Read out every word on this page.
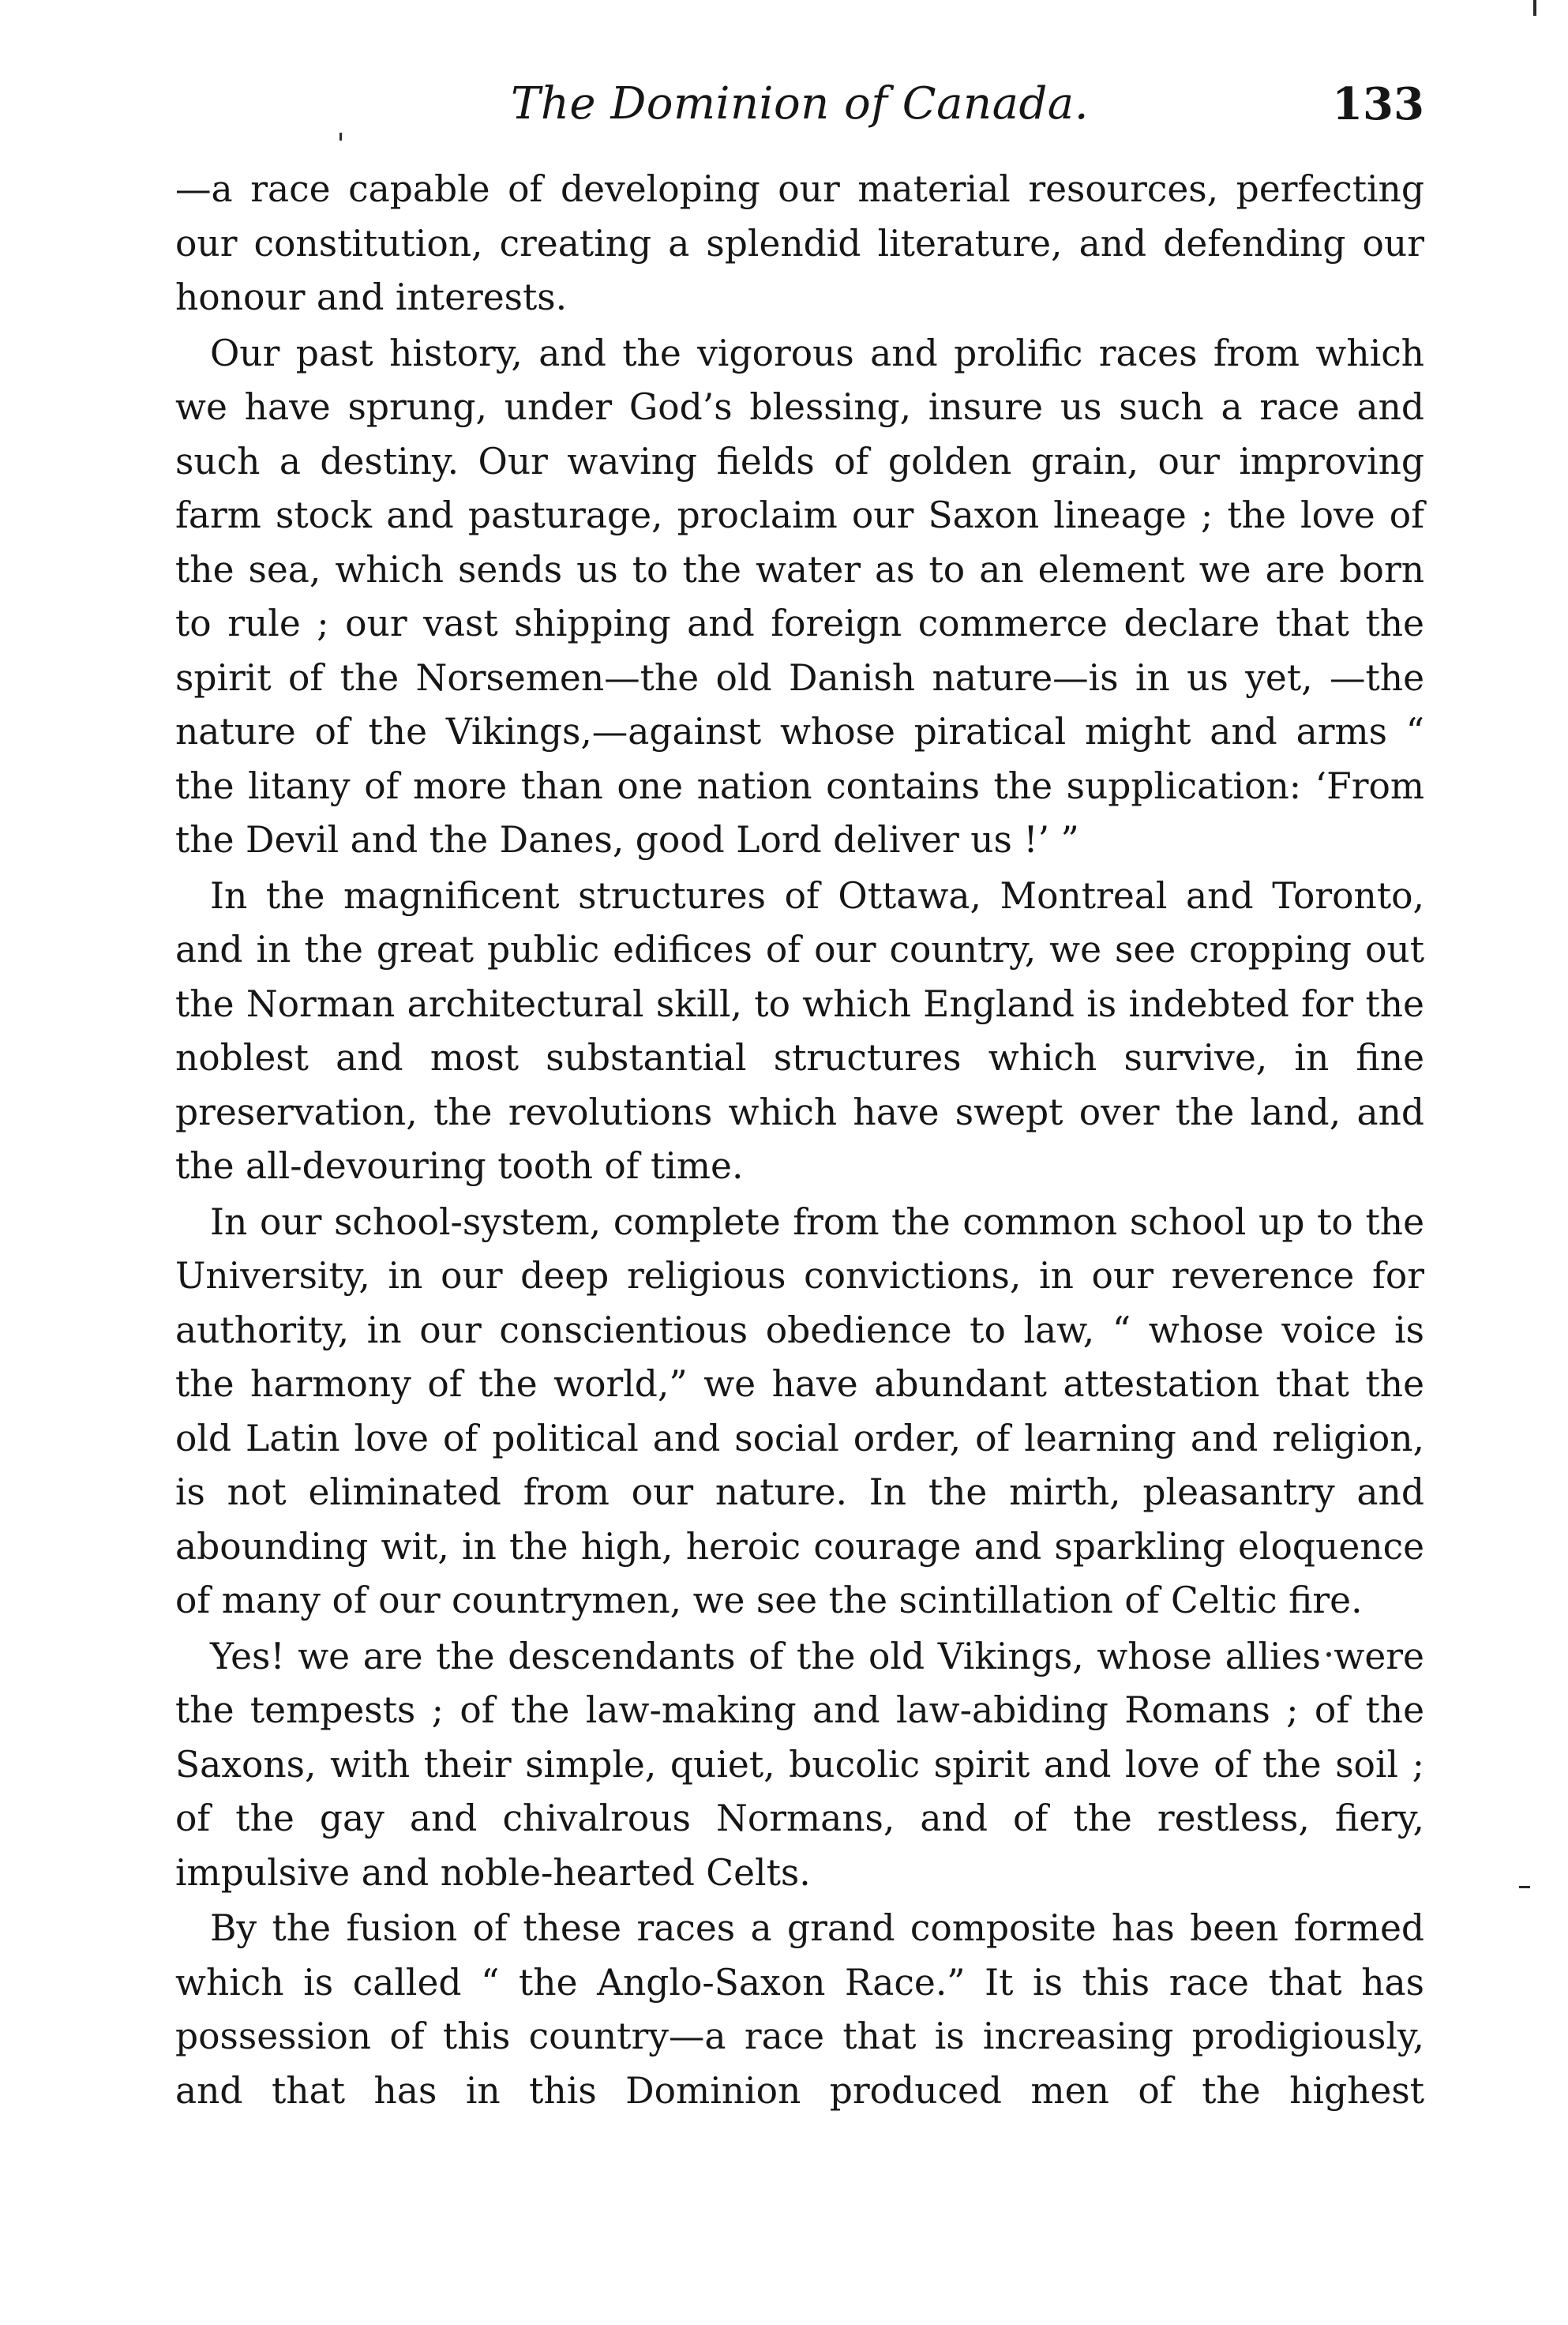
The Dominion of Canada.	133

—a race capable of developing our material resources, perfecting our constitution, creating a splendid literature, and defending our honour and interests.

Our past history, and the vigorous and prolific races from which we have sprung, under God’s blessing, insure us such a race and such a destiny. Our waving fields of golden grain, our improving farm stock and pasturage, proclaim our Saxon lineage ; the love of the sea, which sends us to the water as to an element we are born to rule ; our vast shipping and foreign commerce declare that the spirit of the Norsemen—the old Danish nature—is in us yet, —the nature of the Vikings,—against whose piratical might and arms “ the litany of more than one nation contains the supplication: ‘From the Devil and the Danes, good Lord deliver us !’ ”

In the magnificent structures of Ottawa, Montreal and Toronto, and in the great public edifices of our country, we see cropping out the Norman architectural skill, to which England is indebted for the noblest and most substantial structures which survive, in fine preservation, the revolutions which have swept over the land, and the all-devouring tooth of time.

In our school-system, complete from the common school up to the University, in our deep religious convictions, in our reverence for authority, in our conscientious obedience to law, “ whose voice is the harmony of the world,” we have abundant attestation that the old Latin love of political and social order, of learning and religion, is not eliminated from our nature. In the mirth, pleasantry and abounding wit, in the high, heroic courage and sparkling eloquence of many of our countrymen, we see the scintillation of Celtic fire.

Yes! we are the descendants of the old Vikings, whose allies were the tempests ; of the law-making and law-abiding Romans ; of the Saxons, with their simple, quiet, bucolic spirit and love of the soil ; of the gay and chivalrous Normans, and of the restless, fiery, impulsive and noble-hearted Celts.

By the fusion of these races a grand composite has been formed which is called “ the Anglo-Saxon Race.” It is this race that has possession of this country—a race that is increasing prodigiously, and that has in this Dominion produced men of the highest
